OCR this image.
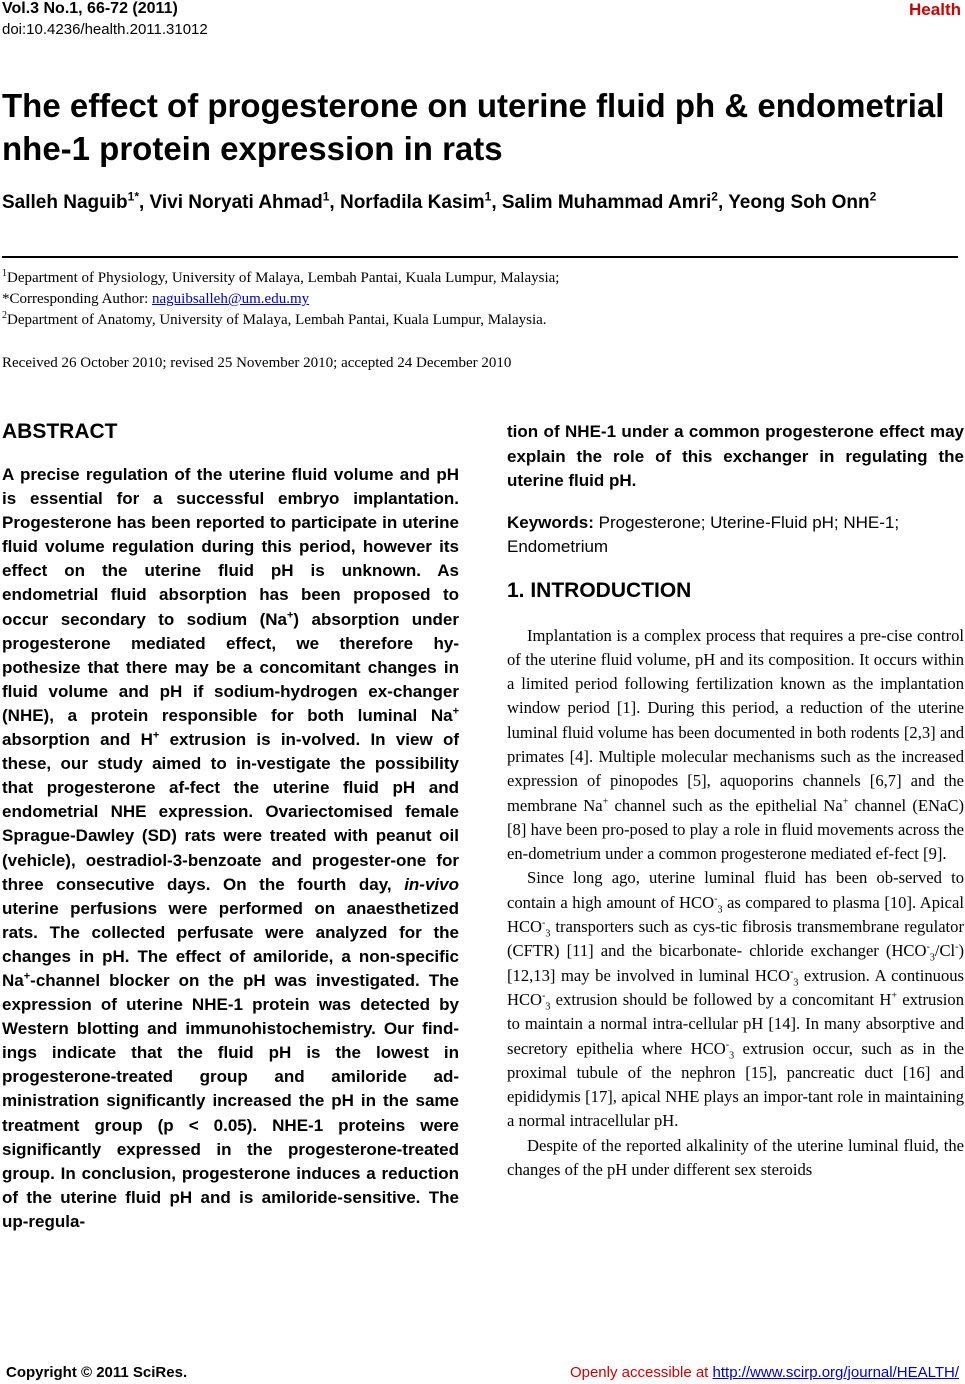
Vol.3 No.1, 66-72 (2011)
doi:10.4236/health.2011.31012
Health
The effect of progesterone on uterine fluid ph & endometrial nhe-1 protein expression in rats
Salleh Naguib$^{1*}$, Vivi Noryati Ahmad$^1$, Norfadila Kasim$^1$, Salim Muhammad Amri$^2$, Yeong Soh Onn$^2$
$^1$Department of Physiology, University of Malaya, Lembah Pantai, Kuala Lumpur, Malaysia;
*Corresponding Author: naguibsalleh@um.edu.my
$^2$Department of Anatomy, University of Malaya, Lembah Pantai, Kuala Lumpur, Malaysia.
Received 26 October 2010; revised 25 November 2010; accepted 24 December 2010
ABSTRACT

A precise regulation of the uterine fluid volume and pH is essential for a successful embryo implantation. Progesterone has been reported to participate in uterine fluid volume regulation during this period, however its effect on the uterine fluid pH is unknown. As endometrial fluid absorption has been proposed to occur secondary to sodium (Na+) absorption under progesterone mediated effect, we therefore hy-pothesize that there may be a concomitant changes in fluid volume and pH if sodium-hydrogen ex-changer (NHE), a protein responsible for both luminal Na+ absorption and H+ extrusion is in-volved. In view of these, our study aimed to in-vestigate the possibility that progesterone af-fect the uterine fluid pH and endometrial NHE expression. Ovariectomised female Sprague-Dawley (SD) rats were treated with peanut oil (vehicle), oestradiol-3-benzoate and progester-one for three consecutive days. On the fourth day, in-vivo uterine perfusions were performed on anaesthetized rats. The collected perfusate were analyzed for the changes in pH. The effect of amiloride, a non-specific Na+-channel blocker on the pH was investigated. The expression of uterine NHE-1 protein was detected by Western blotting and immunohistochemistry. Our find-ings indicate that the fluid pH is the lowest in progesterone-treated group and amiloride ad-ministration significantly increased the pH in the same treatment group (p < 0.05). NHE-1 proteins were significantly expressed in the progesterone-treated group. In conclusion, progesterone induces a reduction of the uterine fluid pH and is amiloride-sensitive. The up-regula-

tion of NHE-1 under a common progesterone effect may explain the role of this exchanger in regulating the uterine fluid pH.

Keywords: Progesterone; Uterine-Fluid pH; NHE-1; Endometrium

1. INTRODUCTION

Implantation is a complex process that requires a pre-cise control of the uterine fluid volume, pH and its composition. It occurs within a limited period following fertilization known as the implantation window period [1]. During this period, a reduction of the uterine luminal fluid volume has been documented in both rodents [2,3] and primates [4]. Multiple molecular mechanisms such as the increased expression of pinopodes [5], aquoporins channels [6,7] and the membrane Na+ channel such as the epithelial Na+ channel (ENaC) [8] have been pro-posed to play a role in fluid movements across the en-dometrium under a common progesterone mediated ef-fect [9].

Since long ago, uterine luminal fluid has been ob-served to contain a high amount of $HCO^-_3$ as compared to plasma [10]. Apical $HCO^-_3$ transporters such as cys-tic fibrosis transmembrane regulator (CFTR) [11] and the bicarbonate- chloride exchanger $(HCO^-_3/Cl^-)$ [12,13] may be involved in luminal $HCO^-_3$ extrusion. A continuous $HCO^-_3$ extrusion should be followed by a concomitant H+ extrusion to maintain a normal intra-cellular pH [14]. In many absorptive and secretory epithelia where $HCO^-_3$ extrusion occur, such as in the proximal tubule of the nephron [15], pancreatic duct [16] and epididymis [17], apical NHE plays an impor-tant role in maintaining a normal intracellular pH.

Despite of the reported alkalinity of the uterine luminal fluid, the changes of the pH under different sex steroids

Copyright © 2011 SciRes.	Openly accessible at http://www.scirp.org/journal/HEALTH/
